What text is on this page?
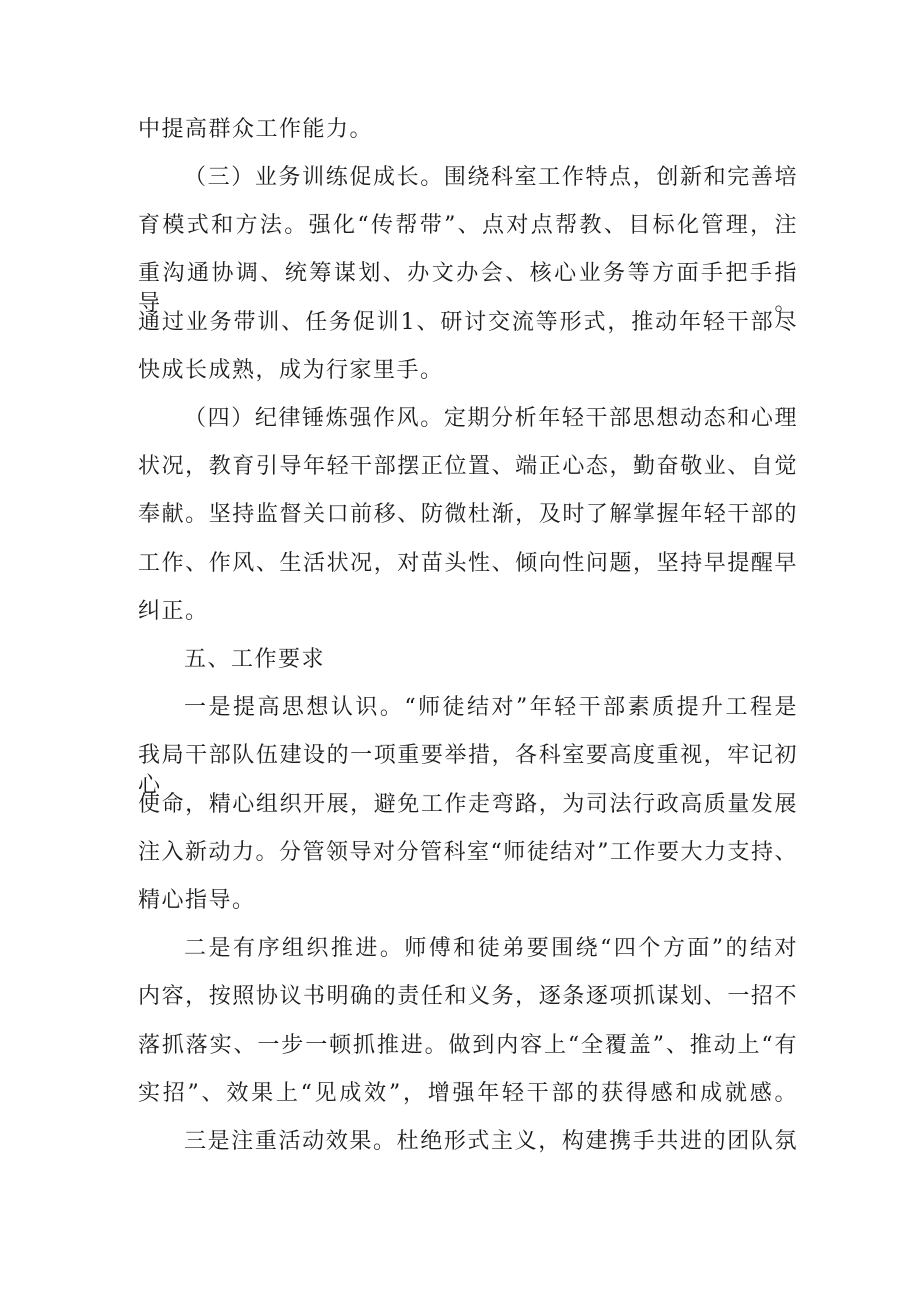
中提高群众工作能力。
（三）业务训练促成长。围绕科室工作特点，创新和完善培
育模式和方法。强化“传帮带”、点对点帮教、目标化管理，注
重沟通协调、统筹谋划、办文办会、核心业务等方面手把手指导。
通过业务带训、任务促训1、研讨交流等形式，推动年轻干部尽
快成长成熟，成为行家里手。
（四）纪律锤炼强作风。定期分析年轻干部思想动态和心理
状况，教育引导年轻干部摆正位置、端正心态，勤奋敬业、自觉
奉献。坚持监督关口前移、防微杜渐，及时了解掌握年轻干部的
工作、作风、生活状况，对苗头性、倾向性问题，坚持早提醒早
纠正。
五、工作要求
一是提高思想认识。“师徒结对”年轻干部素质提升工程是
我局干部队伍建设的一项重要举措，各科室要高度重视，牢记初心
使命，精心组织开展，避免工作走弯路，为司法行政高质量发展
注入新动力。分管领导对分管科室“师徒结对”工作要大力支持、
精心指导。
二是有序组织推进。师傅和徒弟要围绕“四个方面”的结对
内容，按照协议书明确的责任和义务，逐条逐项抓谋划、一招不
落抓落实、一步一顿抓推进。做到内容上“全覆盖”、推动上“有
实招”、效果上“见成效”，增强年轻干部的获得感和成就感。
三是注重活动效果。杜绝形式主义，构建携手共进的团队氛
